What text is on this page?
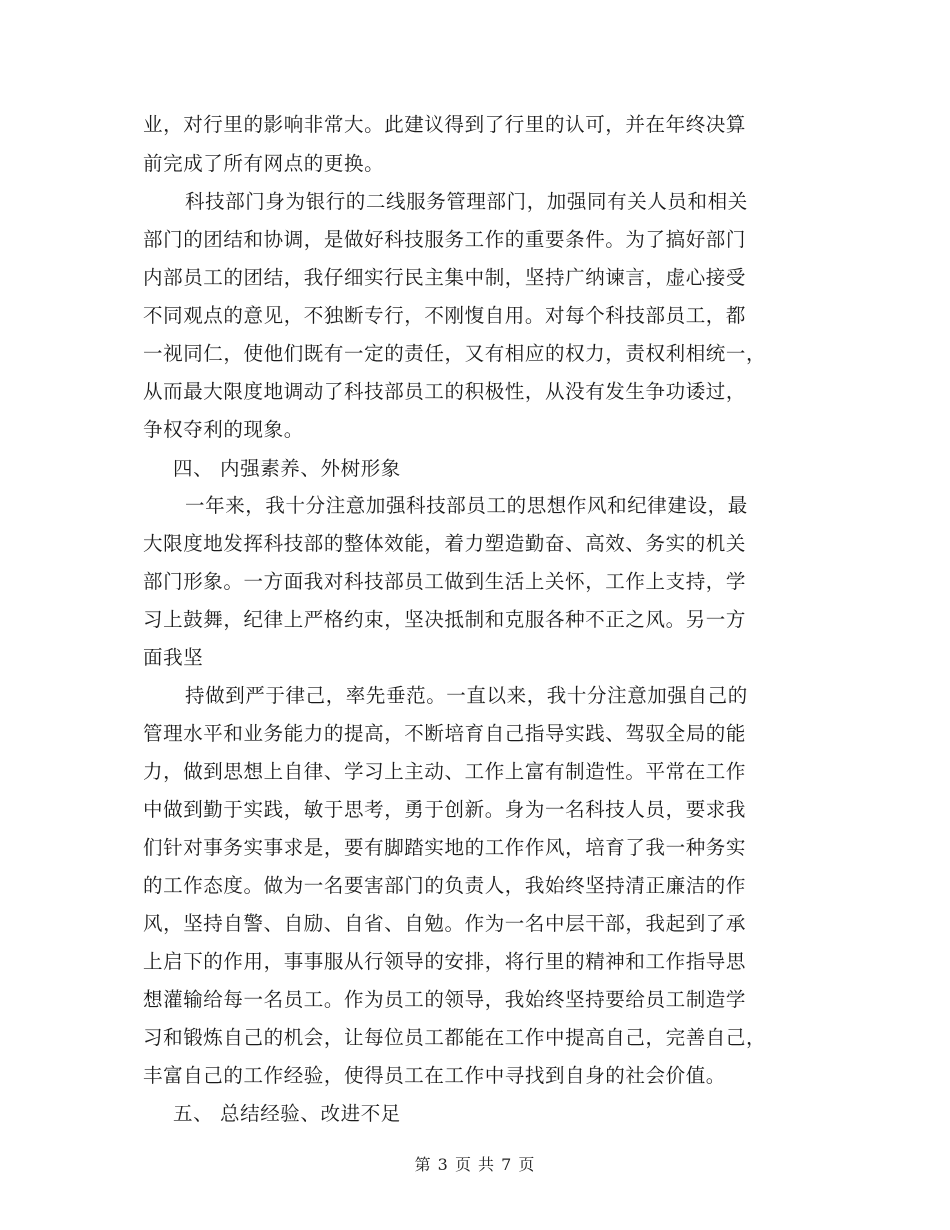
业，对行里的影响非常大。此建议得到了行里的认可，并在年终决算
前完成了所有网点的更换。
科技部门身为银行的二线服务管理部门，加强同有关人员和相关
部门的团结和协调，是做好科技服务工作的重要条件。为了搞好部门
内部员工的团结，我仔细实行民主集中制，坚持广纳谏言，虚心接受
不同观点的意见，不独断专行，不刚愎自用。对每个科技部员工，都
一视同仁，使他们既有一定的责任，又有相应的权力，责权利相统一，
从而最大限度地调动了科技部员工的积极性，从没有发生争功诿过，
争权夺利的现象。
四、 内强素养、外树形象
一年来，我十分注意加强科技部员工的思想作风和纪律建设，最
大限度地发挥科技部的整体效能，着力塑造勤奋、高效、务实的机关
部门形象。一方面我对科技部员工做到生活上关怀，工作上支持，学
习上鼓舞，纪律上严格约束，坚决抵制和克服各种不正之风。另一方
面我坚
持做到严于律己，率先垂范。一直以来，我十分注意加强自己的
管理水平和业务能力的提高，不断培育自己指导实践、驾驭全局的能
力，做到思想上自律、学习上主动、工作上富有制造性。平常在工作
中做到勤于实践，敏于思考，勇于创新。身为一名科技人员，要求我
们针对事务实事求是，要有脚踏实地的工作作风，培育了我一种务实
的工作态度。做为一名要害部门的负责人，我始终坚持清正廉洁的作
风，坚持自警、自励、自省、自勉。作为一名中层干部，我起到了承
上启下的作用，事事服从行领导的安排，将行里的精神和工作指导思
想灌输给每一名员工。作为员工的领导，我始终坚持要给员工制造学
习和锻炼自己的机会，让每位员工都能在工作中提高自己，完善自己，
丰富自己的工作经验，使得员工在工作中寻找到自身的社会价值。
五、 总结经验、改进不足
第 3 页 共 7 页
